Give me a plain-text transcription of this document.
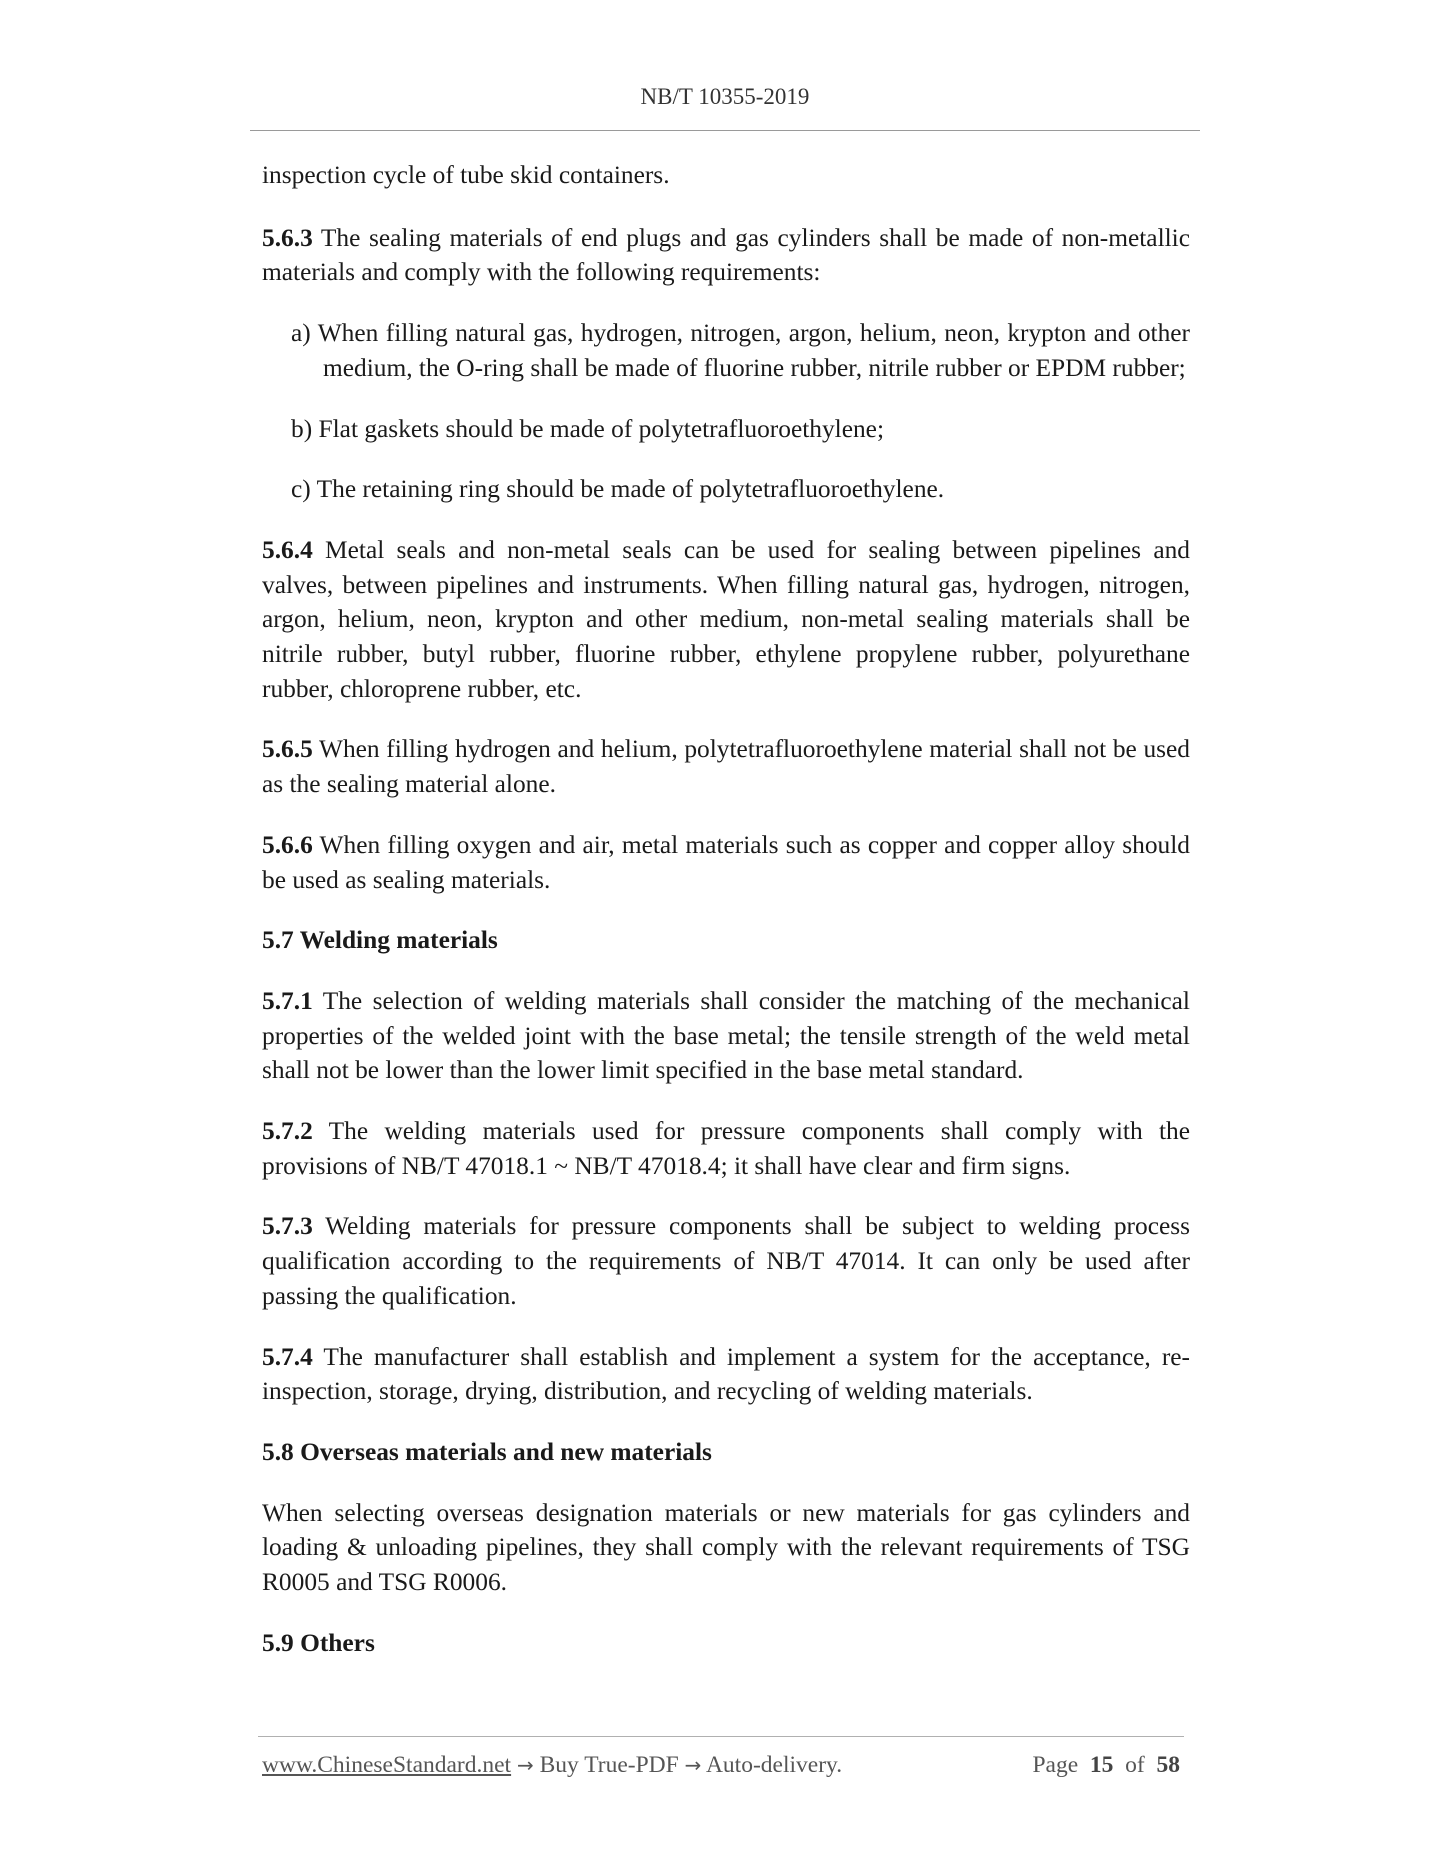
NB/T 10355-2019

inspection cycle of tube skid containers.

5.6.3 The sealing materials of end plugs and gas cylinders shall be made of non-metallic materials and comply with the following requirements:

a) When filling natural gas, hydrogen, nitrogen, argon, helium, neon, krypton and other medium, the O-ring shall be made of fluorine rubber, nitrile rubber or EPDM rubber;

b) Flat gaskets should be made of polytetrafluoroethylene;

c) The retaining ring should be made of polytetrafluoroethylene.

5.6.4 Metal seals and non-metal seals can be used for sealing between pipelines and valves, between pipelines and instruments. When filling natural gas, hydrogen, nitrogen, argon, helium, neon, krypton and other medium, non-metal sealing materials shall be nitrile rubber, butyl rubber, fluorine rubber, ethylene propylene rubber, polyurethane rubber, chloroprene rubber, etc.

5.6.5 When filling hydrogen and helium, polytetrafluoroethylene material shall not be used as the sealing material alone.

5.6.6 When filling oxygen and air, metal materials such as copper and copper alloy should be used as sealing materials.

5.7 Welding materials

5.7.1 The selection of welding materials shall consider the matching of the mechanical properties of the welded joint with the base metal; the tensile strength of the weld metal shall not be lower than the lower limit specified in the base metal standard.

5.7.2 The welding materials used for pressure components shall comply with the provisions of NB/T 47018.1 ~ NB/T 47018.4; it shall have clear and firm signs.

5.7.3 Welding materials for pressure components shall be subject to welding process qualification according to the requirements of NB/T 47014. It can only be used after passing the qualification.

5.7.4 The manufacturer shall establish and implement a system for the acceptance, re-inspection, storage, drying, distribution, and recycling of welding materials.

5.8 Overseas materials and new materials

When selecting overseas designation materials or new materials for gas cylinders and loading & unloading pipelines, they shall comply with the relevant requirements of TSG R0005 and TSG R0006.

5.9 Others

www.ChineseStandard.net → Buy True-PDF → Auto-delivery.	Page 15 of 58
